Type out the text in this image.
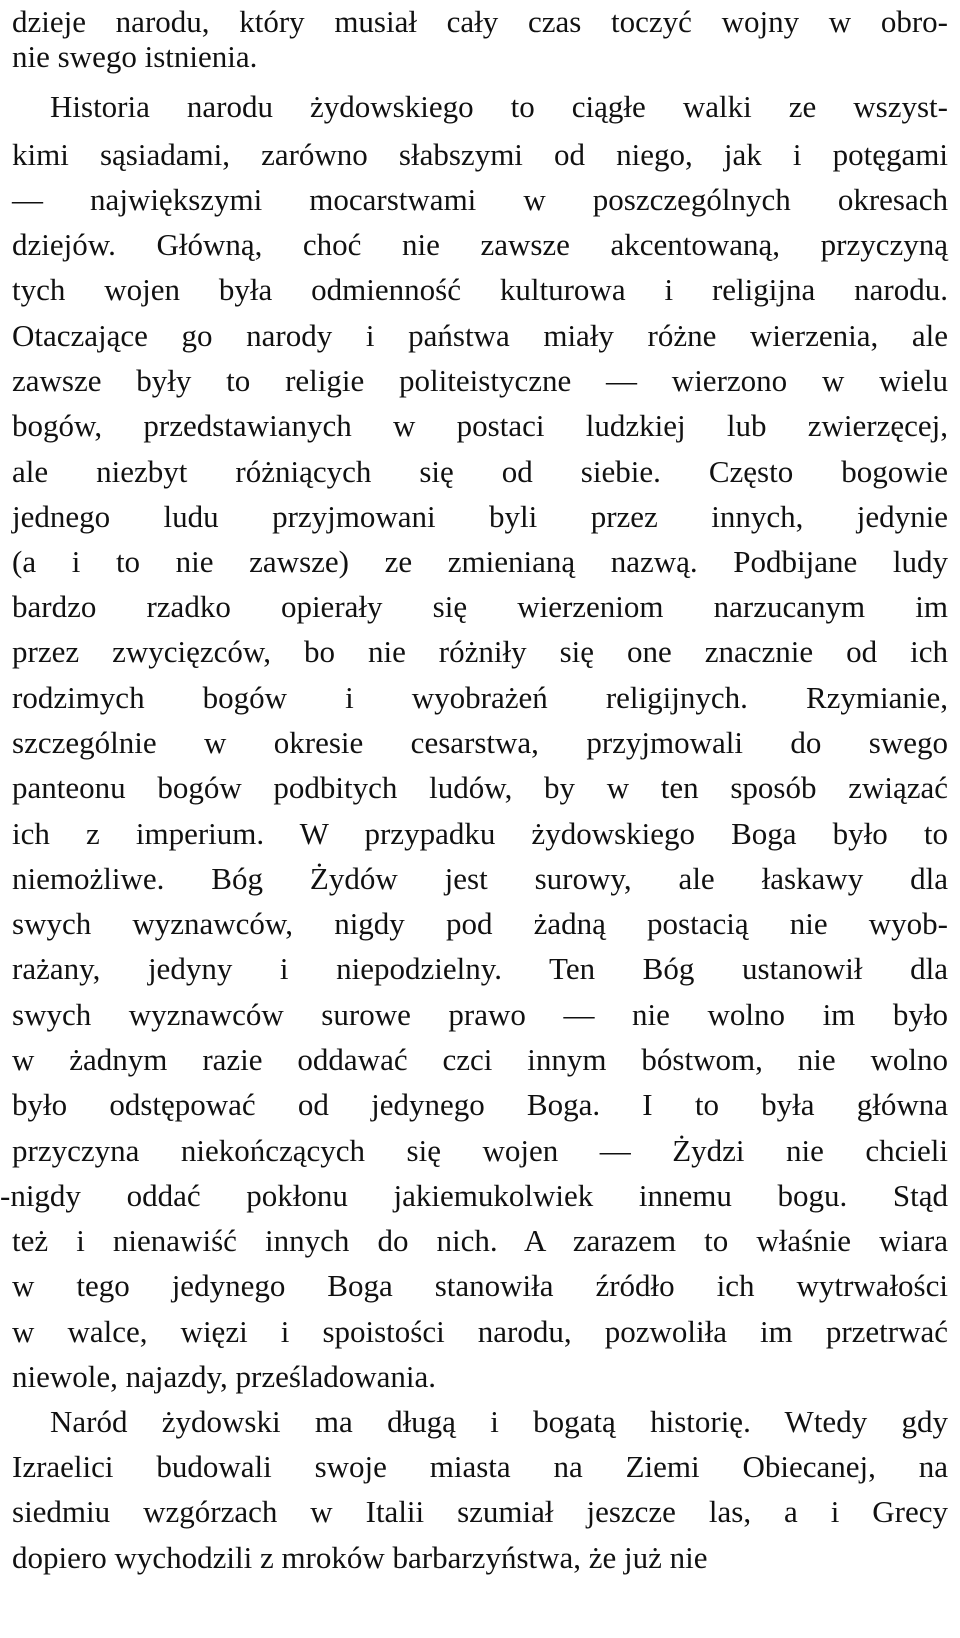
dzieje narodu, który musiał cały czas toczyć wojny w obro-
nie swego istnienia.
Historia narodu żydowskiego to ciągłe walki ze wszyst-
kimi sąsiadami, zarówno słabszymi od niego, jak i potęgami
— największymi mocarstwami w poszczególnych okresach
dziejów. Główną, choć nie zawsze akcentowaną, przyczyną
tych wojen była odmienność kulturowa i religijna narodu.
Otaczające go narody i państwa miały różne wierzenia, ale
zawsze były to religie politeistyczne — wierzono w wielu
bogów, przedstawianych w postaci ludzkiej lub zwierzęcej,
ale niezbyt różniących się od siebie. Często bogowie
jednego ludu przyjmowani byli przez innych, jedynie
(a i to nie zawsze) ze zmienianą nazwą. Podbijane ludy
bardzo rzadko opierały się wierzeniom narzucanym im
przez zwycięzców, bo nie różniły się one znacznie od ich
rodzimych bogów i wyobrażeń religijnych. Rzymianie,
szczególnie w okresie cesarstwa, przyjmowali do swego
panteonu bogów podbitych ludów, by w ten sposób związać
ich z imperium. W przypadku żydowskiego Boga było to
niemożliwe. Bóg Żydów jest surowy, ale łaskawy dla
swych wyznawców, nigdy pod żadną postacią nie wyob-
rażany, jedyny i niepodzielny. Ten Bóg ustanowił dla
swych wyznawców surowe prawo — nie wolno im było
w żadnym razie oddawać czci innym bóstwom, nie wolno
było odstępować od jedynego Boga. I to była główna
przyczyna niekończących się wojen — Żydzi nie chcieli
-nigdy oddać pokłonu jakiemukolwiek innemu bogu. Stąd
też i nienawiść innych do nich. A zarazem to właśnie wiara
w tego jedynego Boga stanowiła źródło ich wytrwałości
w walce, więzi i spoistości narodu, pozwoliła im przetrwać
niewole, najazdy, prześladowania.
Naród żydowski ma długą i bogatą historię. Wtedy gdy
Izraelici budowali swoje miasta na Ziemi Obiecanej, na
siedmiu wzgórzach w Italii szumiał jeszcze las, a i Grecy
dopiero wychodzili z mroków barbarzyństwa, że już nie
